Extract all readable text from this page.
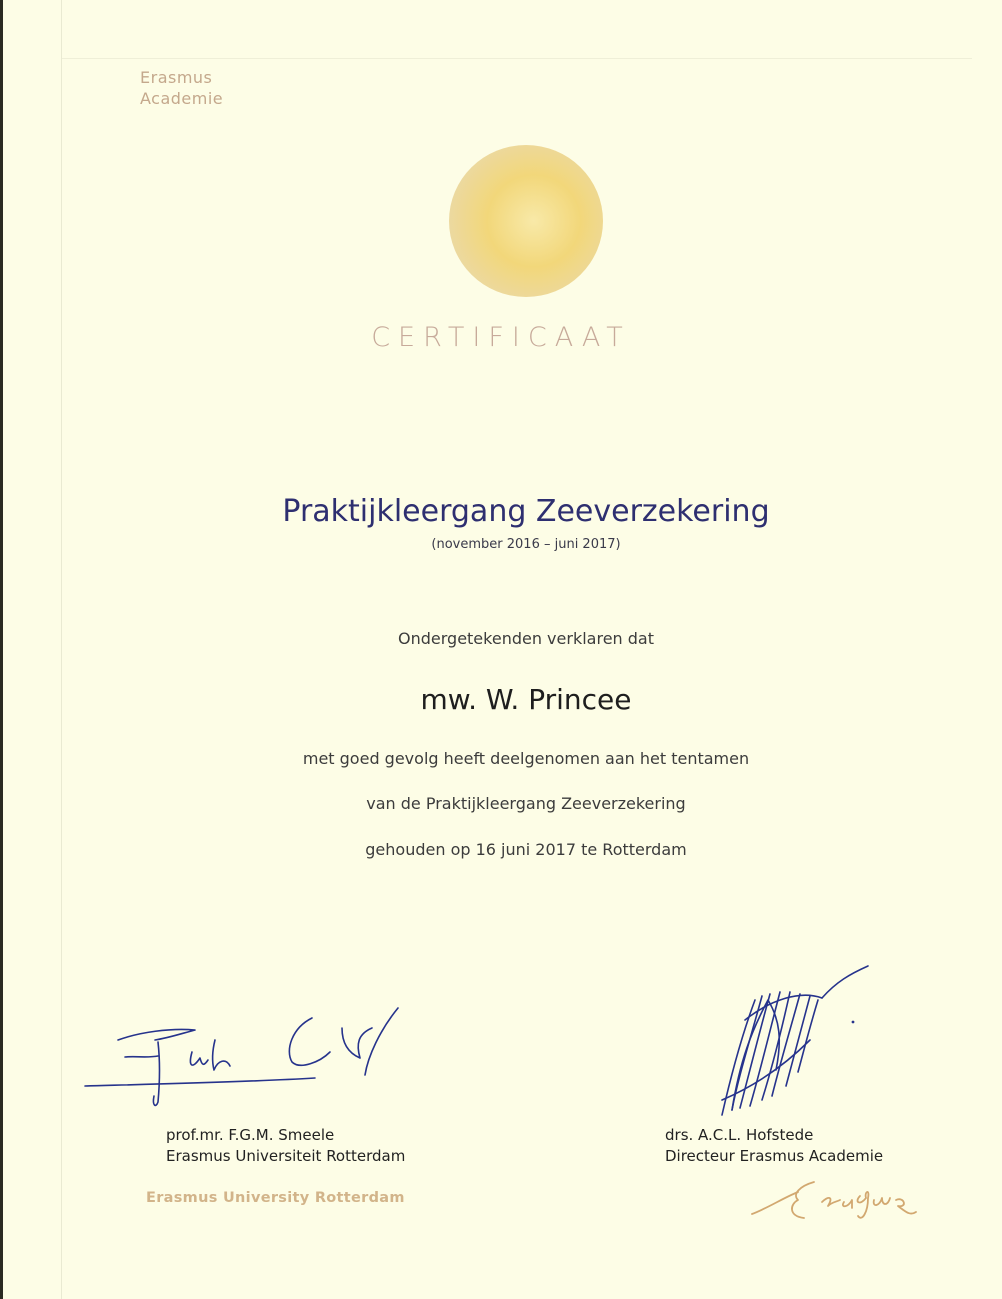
Erasmus
Academie
CERTIFICAAT
Praktijkleergang Zeeverzekering
(november 2016 – juni 2017)
Ondergetekenden verklaren dat
mw. W. Princee
met goed gevolg heeft deelgenomen aan het tentamen
van de Praktijkleergang Zeeverzekering
gehouden op 16 juni 2017 te Rotterdam
prof.mr. F.G.M. Smeele
Erasmus Universiteit Rotterdam
drs. A.C.L. Hofstede
Directeur Erasmus Academie
Erasmus University Rotterdam
